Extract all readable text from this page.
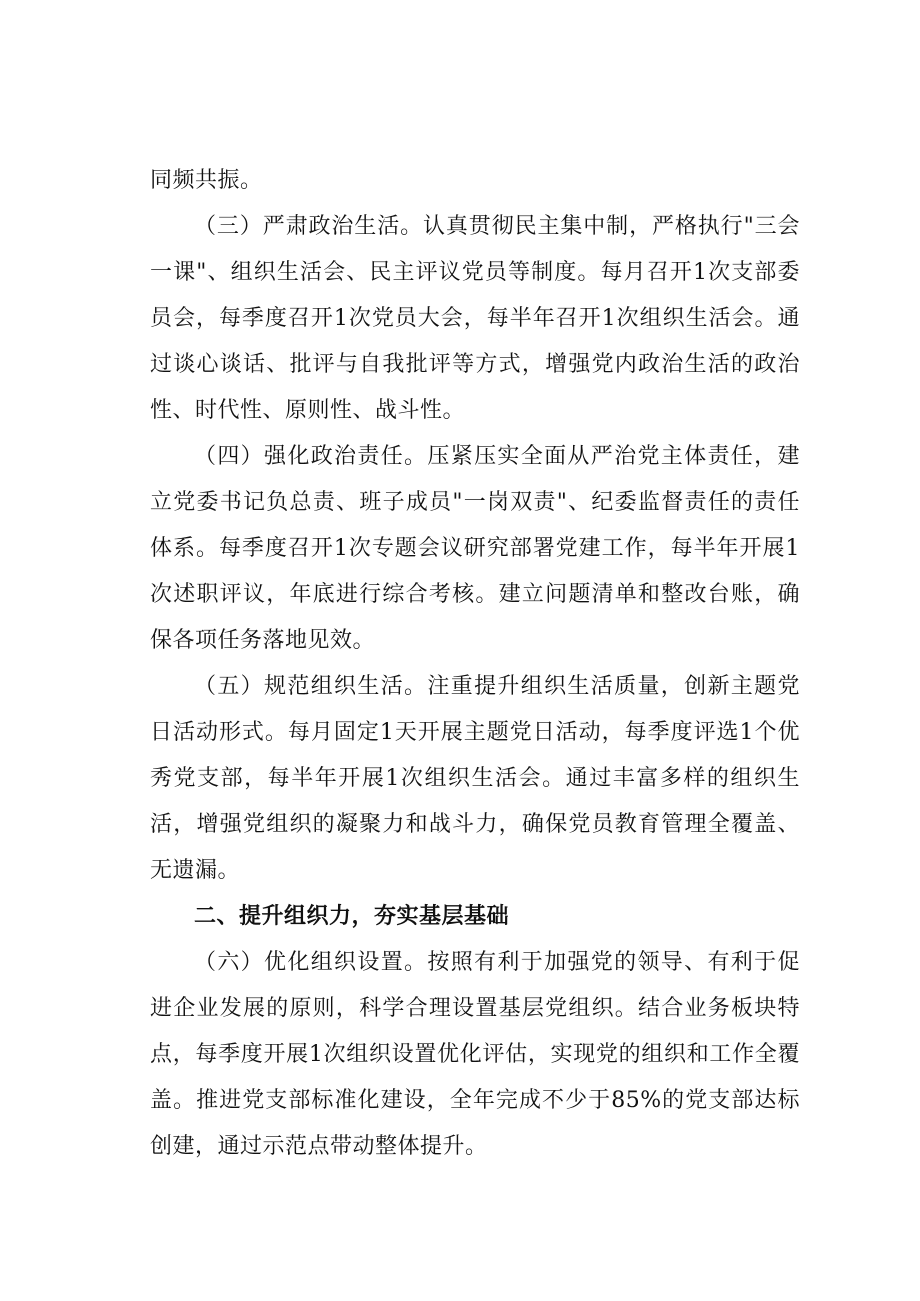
同频共振。

（三）严肃政治生活。认真贯彻民主集中制，严格执行"三会一课"、组织生活会、民主评议党员等制度。每月召开1次支部委员会，每季度召开1次党员大会，每半年召开1次组织生活会。通过谈心谈话、批评与自我批评等方式，增强党内政治生活的政治性、时代性、原则性、战斗性。

（四）强化政治责任。压紧压实全面从严治党主体责任，建立党委书记负总责、班子成员"一岗双责"、纪委监督责任的责任体系。每季度召开1次专题会议研究部署党建工作，每半年开展1次述职评议，年底进行综合考核。建立问题清单和整改台账，确保各项任务落地见效。

（五）规范组织生活。注重提升组织生活质量，创新主题党日活动形式。每月固定1天开展主题党日活动，每季度评选1个优秀党支部，每半年开展1次组织生活会。通过丰富多样的组织生活，增强党组织的凝聚力和战斗力，确保党员教育管理全覆盖、无遗漏。

二、提升组织力，夯实基层基础

（六）优化组织设置。按照有利于加强党的领导、有利于促进企业发展的原则，科学合理设置基层党组织。结合业务板块特点，每季度开展1次组织设置优化评估，实现党的组织和工作全覆盖。推进党支部标准化建设，全年完成不少于85%的党支部达标创建，通过示范点带动整体提升。
